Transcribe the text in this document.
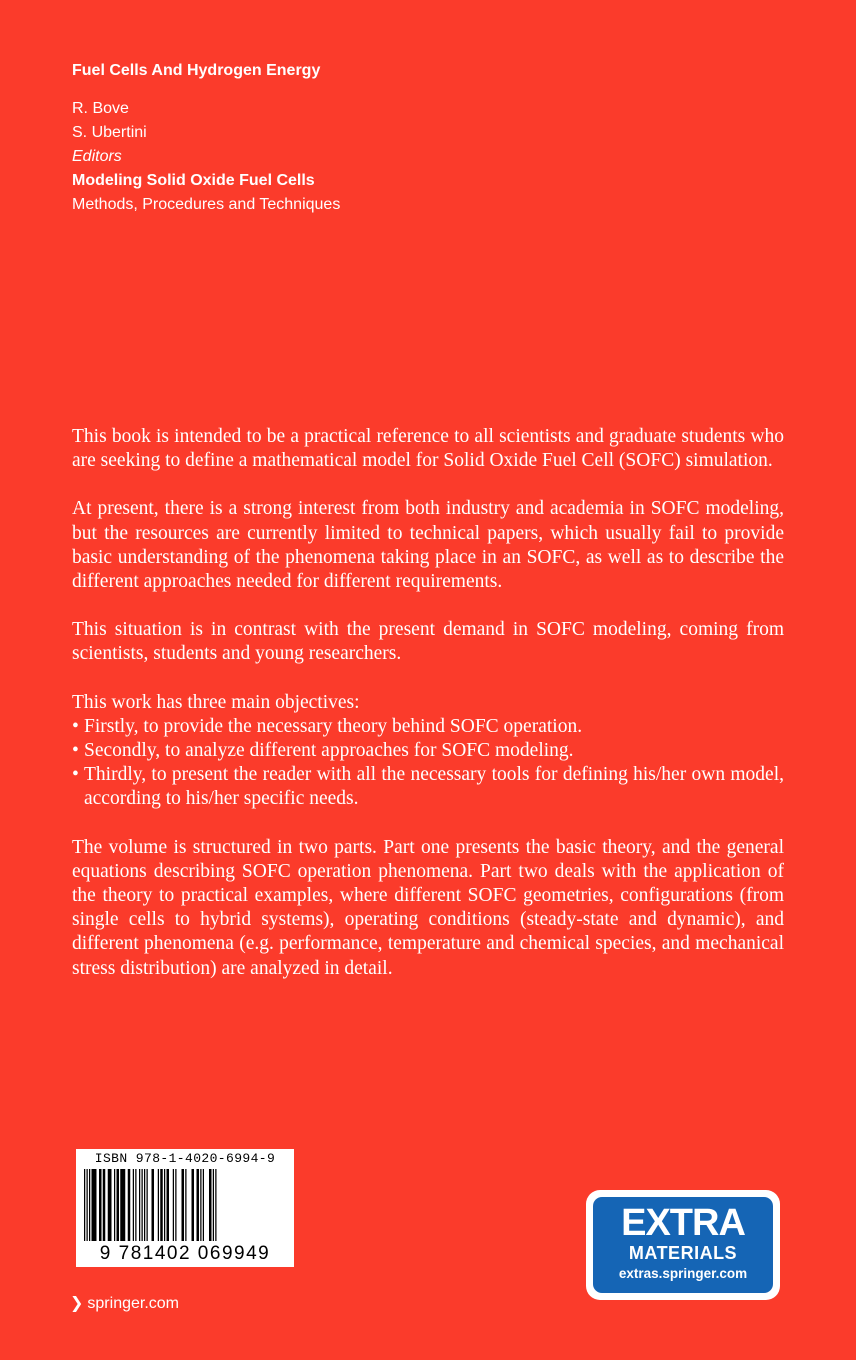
Fuel Cells And Hydrogen Energy
R. Bove
S. Ubertini
Editors
Modeling Solid Oxide Fuel Cells
Methods, Procedures and Techniques

This book is intended to be a practical reference to all scientists and graduate students who are seeking to define a mathematical model for Solid Oxide Fuel Cell (SOFC) simulation.

At present, there is a strong interest from both industry and academia in SOFC modeling, but the resources are currently limited to technical papers, which usually fail to provide basic understanding of the phenomena taking place in an SOFC, as well as to describe the different approaches needed for different requirements.

This situation is in contrast with the present demand in SOFC modeling, coming from scientists, students and young researchers.

This work has three main objectives:
• Firstly, to provide the necessary theory behind SOFC operation.
• Secondly, to analyze different approaches for SOFC modeling.
• Thirdly, to present the reader with all the necessary tools for defining his/her own model, according to his/her specific needs.

The volume is structured in two parts. Part one presents the basic theory, and the general equations describing SOFC operation phenomena. Part two deals with the application of the theory to practical examples, where different SOFC geometries, configurations (from single cells to hybrid systems), operating conditions (steady-state and dynamic), and different phenomena (e.g. performance, temperature and chemical species, and mechanical stress distribution) are analyzed in detail.

ISBN 978-1-4020-6994-9
9 781402 069949
❯ springer.com
EXTRA
MATERIALS
extras.springer.com
